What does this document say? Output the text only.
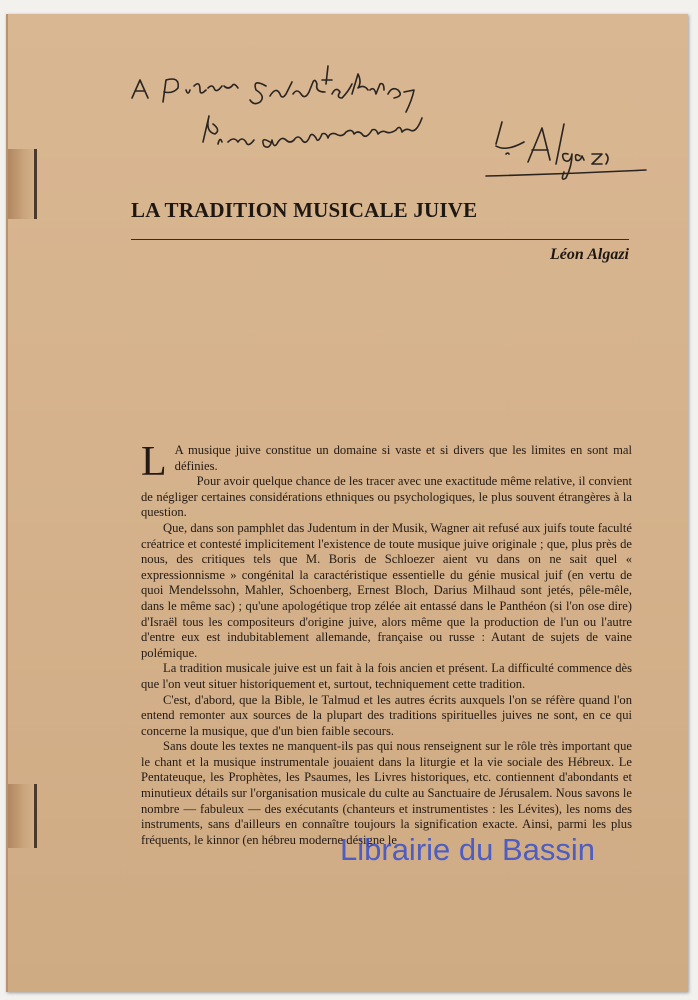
LA TRADITION MUSICALE JUIVE
Léon Algazi

L A musique juive constitue un domaine si vaste et si divers que les limites en sont mal définies.

Pour avoir quelque chance de les tracer avec une exactitude même relative, il convient de négliger certaines considérations ethniques ou psychologiques, le plus souvent étrangères à la question.

Que, dans son pamphlet das Judentum in der Musik, Wagner ait refusé aux juifs toute faculté créatrice et contesté implicitement l'existence de toute musique juive originale ; que, plus près de nous, des critiques tels que M. Boris de Schloezer aient vu dans on ne sait quel « expressionnisme » congénital la caractéristique essentielle du génie musical juif (en vertu de quoi Mendelssohn, Mahler, Schoenberg, Ernest Bloch, Darius Milhaud sont jetés, pêle-mêle, dans le même sac) ; qu'une apologétique trop zélée ait entassé dans le Panthéon (si l'on ose dire) d'Israël tous les compositeurs d'origine juive, alors même que la production de l'un ou l'autre d'entre eux est indubitablement allemande, française ou russe : Autant de sujets de vaine polémique.

La tradition musicale juive est un fait à la fois ancien et présent. La difficulté commence dès que l'on veut situer historiquement et, surtout, techniquement cette tradition.

C'est, d'abord, que la Bible, le Talmud et les autres écrits auxquels l'on se réfère quand l'on entend remonter aux sources de la plupart des traditions spirituelles juives ne sont, en ce qui concerne la musique, que d'un bien faible secours.

Sans doute les textes ne manquent-ils pas qui nous renseignent sur le rôle très important que le chant et la musique instrumentale jouaient dans la liturgie et la vie sociale des Hébreux. Le Pentateuque, les Prophètes, les Psaumes, les Livres historiques, etc. contiennent d'abondants et minutieux détails sur l'organisation musicale du culte au Sanctuaire de Jérusalem. Nous savons le nombre — fabuleux — des exécutants (chanteurs et instrumentistes : les Lévites), les noms des instruments, sans d'ailleurs en connaître toujours la signification exacte. Ainsi, parmi les plus fréquents, le kinnor (en hébreu moderne désigne le

Librairie du Bassin
